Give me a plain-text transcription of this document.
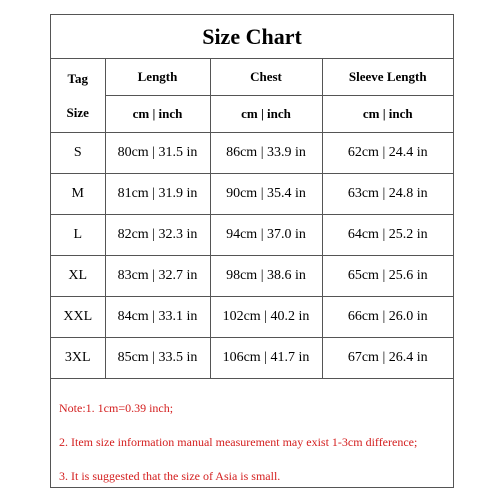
Size Chart
Tag
Size	Length	Chest	Sleeve Length
	cm | inch	cm | inch	cm | inch
S	80cm | 31.5 in	86cm | 33.9 in	62cm | 24.4 in
M	81cm | 31.9 in	90cm | 35.4 in	63cm | 24.8 in
L	82cm | 32.3 in	94cm | 37.0 in	64cm | 25.2 in
XL	83cm | 32.7 in	98cm | 38.6 in	65cm | 25.6 in
XXL	84cm | 33.1 in	102cm | 40.2 in	66cm | 26.0 in
3XL	85cm | 33.5 in	106cm | 41.7 in	67cm | 26.4 in
Note:1. 1cm=0.39 inch;
2. Item size information manual measurement may exist 1-3cm difference;
3. It is suggested that the size of Asia is small.
